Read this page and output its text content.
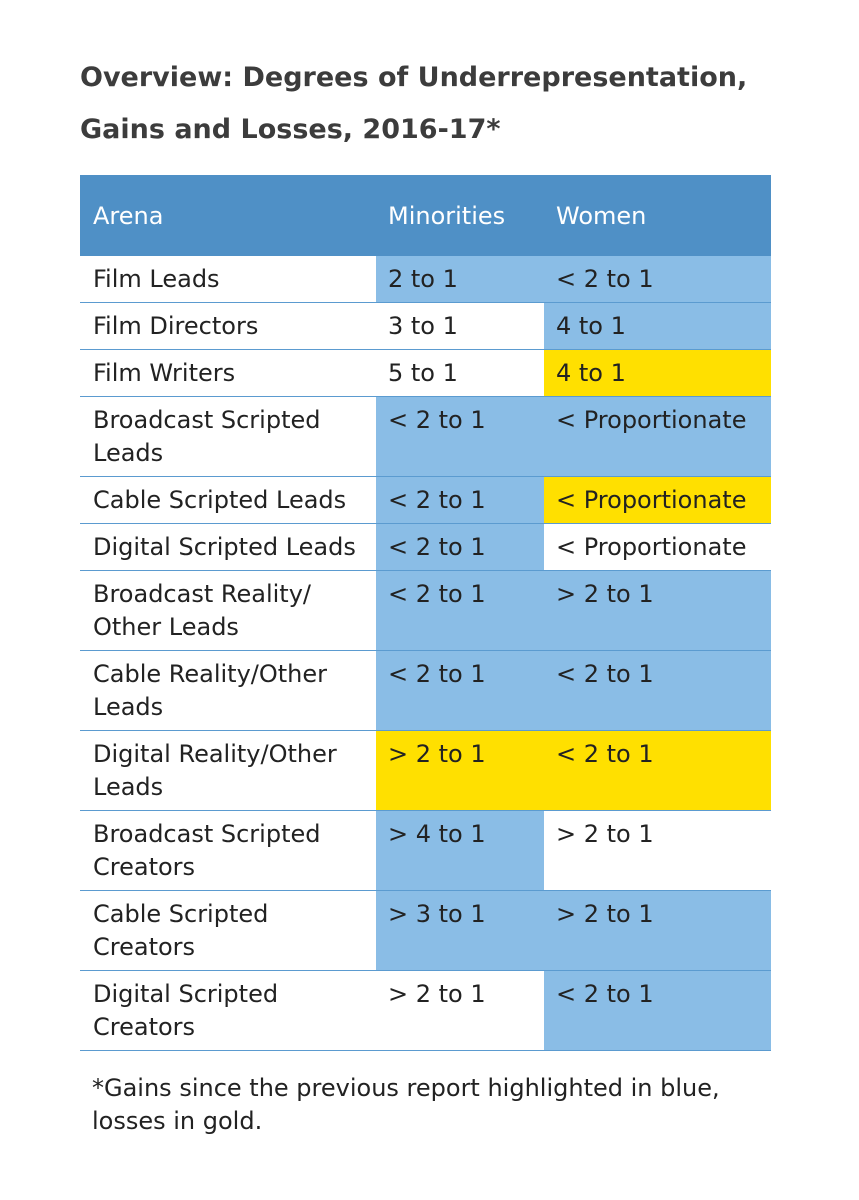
Overview: Degrees of Underrepresentation,
Gains and Losses, 2016-17*
Arena	Minorities	Women
Film Leads	2 to 1	< 2 to 1
Film Directors	3 to 1	4 to 1
Film Writers	5 to 1	4 to 1
Broadcast Scripted Leads	< 2 to 1	< Proportionate
Cable Scripted Leads	< 2 to 1	< Proportionate
Digital Scripted Leads	< 2 to 1	< Proportionate
Broadcast Reality/ Other Leads	< 2 to 1	> 2 to 1
Cable Reality/Other Leads	< 2 to 1	< 2 to 1
Digital Reality/Other Leads	> 2 to 1	< 2 to 1
Broadcast Scripted Creators	> 4 to 1	> 2 to 1
Cable Scripted Creators	> 3 to 1	> 2 to 1
Digital Scripted Creators	> 2 to 1	< 2 to 1

*Gains since the previous report highlighted in blue, losses in gold.
